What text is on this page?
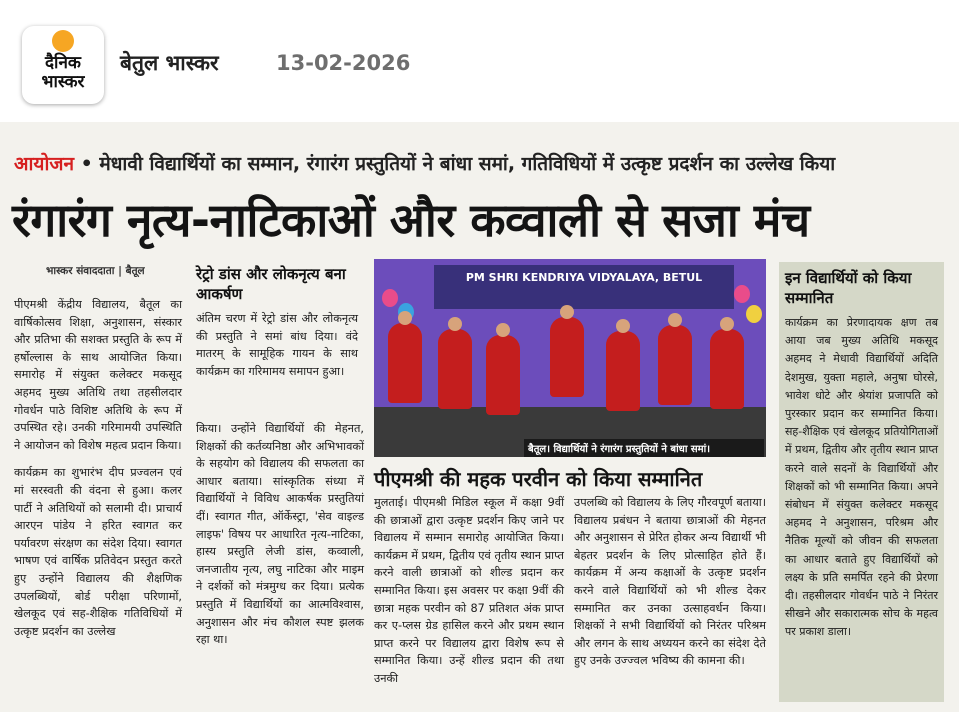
दैनिक
भास्कर
बेतुल भास्कर	13-02-2026
आयोजन • मेधावी विद्यार्थियों का सम्मान, रंगारंग प्रस्तुतियों ने बांधा समां, गतिविधियों में उत्कृष्ट प्रदर्शन का उल्लेख किया
रंगारंग नृत्य-नाटिकाओं और कव्वाली से सजा मंच
भास्कर संवाददाता | बैतूल

पीएमश्री केंद्रीय विद्यालय, बैतूल का वार्षिकोत्सव शिक्षा, अनुशासन, संस्कार और प्रतिभा की सशक्त प्रस्तुति के रूप में हर्षोल्लास के साथ आयोजित किया। समारोह में संयुक्त कलेक्टर मकसूद अहमद मुख्य अतिथि तथा तहसीलदार गोवर्धन पाठे विशिष्ट अतिथि के रूप में उपस्थित रहे। उनकी गरिमामयी उपस्थिति ने आयोजन को विशेष महत्व प्रदान किया।

कार्यक्रम का शुभारंभ दीप प्रज्वलन एवं मां सरस्वती की वंदना से हुआ। कलर पार्टी ने अतिथियों को सलामी दी। प्राचार्य आरएन पांडेय ने हरित स्वागत कर पर्यावरण संरक्षण का संदेश दिया। स्वागत भाषण एवं वार्षिक प्रतिवेदन प्रस्तुत करते हुए उन्होंने विद्यालय की शैक्षणिक उपलब्धियों, बोर्ड परीक्षा परिणामों, खेलकूद एवं सह-शैक्षिक गतिविधियों में उत्कृष्ट प्रदर्शन का उल्लेख

रेट्रो डांस और लोकनृत्य बना आकर्षण
अंतिम चरण में रेट्रो डांस और लोकनृत्य की प्रस्तुति ने समां बांध दिया। वंदे मातरम् के सामूहिक गायन के साथ कार्यक्रम का गरिमामय समापन हुआ।
किया। उन्होंने विद्यार्थियों की मेहनत, शिक्षकों की कर्तव्यनिष्ठा और अभिभावकों के सहयोग को विद्यालय की सफलता का आधार बताया। सांस्कृतिक संध्या में विद्यार्थियों ने विविध आकर्षक प्रस्तुतियां दीं। स्वागत गीत, ऑर्केस्ट्रा, 'सेव वाइल्ड लाइफ' विषय पर आधारित नृत्य-नाटिका, हास्य प्रस्तुति लेजी डांस, कव्वाली, जनजातीय नृत्य, लघु नाटिका और माइम ने दर्शकों को मंत्रमुग्ध कर दिया। प्रत्येक प्रस्तुति में विद्यार्थियों का आत्मविश्वास, अनुशासन और मंच कौशल स्पष्ट झलक रहा था।
PM SHRI KENDRIYA VIDYALAYA, BETUL
बैतूल। विद्यार्थियों ने रंगारंग प्रस्तुतियों ने बांधा समां।
पीएमश्री की महक परवीन को किया सम्मानित
मुलताई। पीएमश्री मिडिल स्कूल में कक्षा 9वीं की छात्राओं द्वारा उत्कृष्ट प्रदर्शन किए जाने पर विद्यालय में सम्मान समारोह आयोजित किया। कार्यक्रम में प्रथम, द्वितीय एवं तृतीय स्थान प्राप्त करने वाली छात्राओं को शील्ड प्रदान कर सम्मानित किया। इस अवसर पर कक्षा 9वीं की छात्रा महक परवीन को 87 प्रतिशत अंक प्राप्त कर ए-प्लस ग्रेड हासिल करने और प्रथम स्थान प्राप्त करने पर विद्यालय द्वारा विशेष रूप से सम्मानित किया। उन्हें शील्ड प्रदान की तथा उनकी
उपलब्धि को विद्यालय के लिए गौरवपूर्ण बताया। विद्यालय प्रबंधन ने बताया छात्राओं की मेहनत और अनुशासन से प्रेरित होकर अन्य विद्यार्थी भी बेहतर प्रदर्शन के लिए प्रोत्साहित होते हैं। कार्यक्रम में अन्य कक्षाओं के उत्कृष्ट प्रदर्शन करने वाले विद्यार्थियों को भी शील्ड देकर सम्मानित कर उनका उत्साहवर्धन किया। शिक्षकों ने सभी विद्यार्थियों को निरंतर परिश्रम और लगन के साथ अध्ययन करने का संदेश देते हुए उनके उज्ज्वल भविष्य की कामना की।
इन विद्यार्थियों को किया सम्मानित
कार्यक्रम का प्रेरणादायक क्षण तब आया जब मुख्य अतिथि मकसूद अहमद ने मेधावी विद्यार्थियों अदिति देशमुख, युक्ता महाले, अनुषा घोरसे, भावेश धोटे और श्रेयांश प्रजापति को पुरस्कार प्रदान कर सम्मानित किया। सह-शैक्षिक एवं खेलकूद प्रतियोगिताओं में प्रथम, द्वितीय और तृतीय स्थान प्राप्त करने वाले सदनों के विद्यार्थियों और शिक्षकों को भी सम्मानित किया। अपने संबोधन में संयुक्त कलेक्टर मकसूद अहमद ने अनुशासन, परिश्रम और नैतिक मूल्यों को जीवन की सफलता का आधार बताते हुए विद्यार्थियों को लक्ष्य के प्रति समर्पित रहने की प्रेरणा दी। तहसीलदार गोवर्धन पाठे ने निरंतर सीखने और सकारात्मक सोच के महत्व पर प्रकाश डाला।
